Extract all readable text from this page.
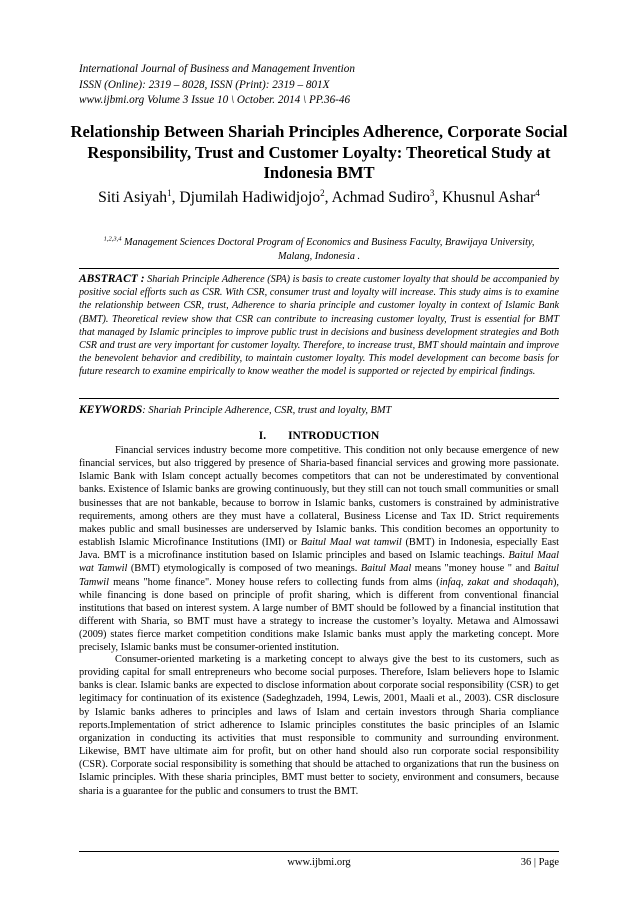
International Journal of Business and Management Invention
ISSN (Online): 2319 – 8028, ISSN (Print): 2319 – 801X
www.ijbmi.org Volume 3 Issue 10 \ October. 2014 \ PP.36-46
Relationship Between Shariah Principles Adherence, Corporate Social Responsibility, Trust and Customer Loyalty: Theoretical Study at Indonesia BMT
Siti Asiyah$^1$, Djumilah Hadiwidjojo$^2$, Achmad Sudiro$^3$, Khusnul Ashar$^4$
$^{1,2,3,4}$ Management Sciences Doctoral Program of Economics and Business Faculty, Brawijaya University, Malang, Indonesia .
ABSTRACT : Shariah Principle Adherence (SPA) is basis to create customer loyalty that should be accompanied by positive social efforts such as CSR. With CSR, consumer trust and loyalty will increase. This study aims is to examine the relationship between CSR, trust, Adherence to sharia principle and customer loyalty in context of Islamic Bank (BMT). Theoretical review show that CSR can contribute to increasing customer loyalty, Trust is essential for BMT that managed by Islamic principles to improve public trust in decisions and business development strategies and Both CSR and trust are very important for customer loyalty. Therefore, to increase trust, BMT should maintain and improve the benevolent behavior and credibility, to maintain customer loyalty. This model development can become basis for future research to examine empirically to know weather the model is supported or rejected by empirical findings.
KEYWORDS: Shariah Principle Adherence, CSR, trust and loyalty, BMT
I. INTRODUCTION
Financial services industry become more competitive. This condition not only because emergence of new financial services, but also triggered by presence of Sharia-based financial services and growing more passionate. Islamic Bank with Islam concept actually becomes competitors that can not be underestimated by conventional banks. Existence of Islamic banks are growing continuously, but they still can not touch small communities or small businesses that are not bankable, because to borrow in Islamic banks, customers is constrained by administrative requirements, among others are they must have a collateral, Business License and Tax ID. Strict requirements makes public and small businesses are underserved by Islamic banks. This condition becomes an opportunity to establish Islamic Microfinance Institutions (IMI) or Baitul Maal wat tamwil (BMT) in Indonesia, especially East Java. BMT is a microfinance institution based on Islamic principles and based on Islamic teachings. Baitul Maal wat Tamwil (BMT) etymologically is composed of two meanings. Baitul Maal means "money house " and Baitul Tamwil means "home finance". Money house refers to collecting funds from alms (infaq, zakat and shodaqah), while financing is done based on principle of profit sharing, which is different from conventional financial institutions that based on interest system. A large number of BMT should be followed by a financial institution that different with Sharia, so BMT must have a strategy to increase the customer’s loyalty. Metawa and Almossawi (2009) states fierce market competition conditions make Islamic banks must apply the marketing concept. More precisely, Islamic banks must be consumer-oriented institution.
Consumer-oriented marketing is a marketing concept to always give the best to its customers, such as providing capital for small entrepreneurs who become social purposes. Therefore, Islam believers hope to Islamic banks is clear. Islamic banks are expected to disclose information about corporate social responsibility (CSR) to get legitimacy for continuation of its existence (Sadeghzadeh, 1994, Lewis, 2001, Maali et al., 2003). CSR disclosure by Islamic banks adheres to principles and laws of Islam and certain investors through Sharia compliance reports.Implementation of strict adherence to Islamic principles constitutes the basic principles of an Islamic organization in conducting its activities that must responsible to community and surrounding environment. Likewise, BMT have ultimate aim for profit, but on other hand should also run corporate social responsibility (CSR). Corporate social responsibility is something that should be attached to organizations that run the business on Islamic principles. With these sharia principles, BMT must better to society, environment and consumers, because sharia is a guarantee for the public and consumers to trust the BMT.
www.ijbmi.org	36 | Page
